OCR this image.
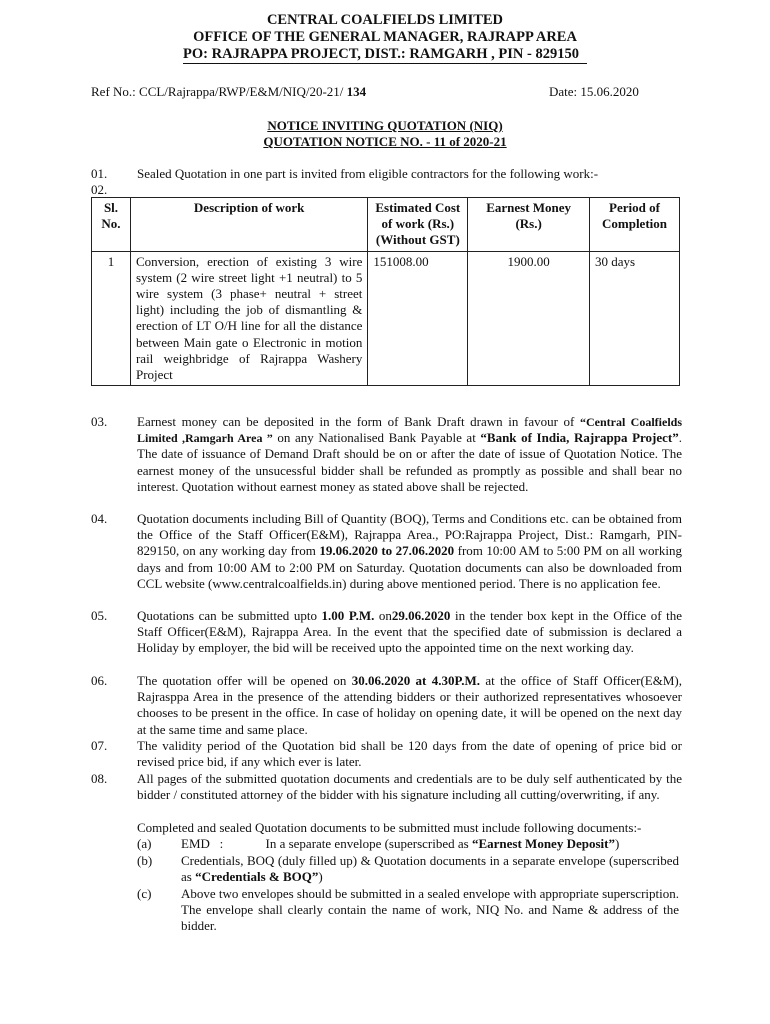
CENTRAL COALFIELDS LIMITED
OFFICE OF THE GENERAL MANAGER, RAJRAPP AREA
PO: RAJRAPPA PROJECT, DIST.: RAMGARH , PIN - 829150
Ref No.: CCL/Rajrappa/RWP/E&M/NIQ/20-21/ 134	Date: 15.06.2020
NOTICE INVITING QUOTATION (NIQ)
QUOTATION NOTICE NO. - 11 of 2020-21
01. Sealed Quotation in one part is invited from eligible contractors for the following work:-
02.
Sl. No.	Description of work	Estimated Cost of work (Rs.) (Without GST)	Earnest Money (Rs.)	Period of Completion
1	Conversion, erection of existing 3 wire system (2 wire street light +1 neutral) to 5 wire system (3 phase+ neutral + street light) including the job of dismantling & erection of LT O/H line for all the distance between Main gate o Electronic in motion rail weighbridge of Rajrappa Washery Project	151008.00	1900.00	30 days
03. Earnest money can be deposited in the form of Bank Draft drawn in favour of “Central Coalfields Limited ,Ramgarh Area ” on any Nationalised Bank Payable at “Bank of India, Rajrappa Project”. The date of issuance of Demand Draft should be on or after the date of issue of Quotation Notice. The earnest money of the unsucessful bidder shall be refunded as promptly as possible and shall bear no interest. Quotation without earnest money as stated above shall be rejected.
04. Quotation documents including Bill of Quantity (BOQ), Terms and Conditions etc. can be obtained from the Office of the Staff Officer(E&M), Rajrappa Area., PO:Rajrappa Project, Dist.: Ramgarh, PIN-829150, on any working day from 19.06.2020 to 27.06.2020 from 10:00 AM to 5:00 PM on all working days and from 10:00 AM to 2:00 PM on Saturday. Quotation documents can also be downloaded from CCL website (www.centralcoalfields.in) during above mentioned period. There is no application fee.
05. Quotations can be submitted upto 1.00 P.M. on29.06.2020 in the tender box kept in the Office of the Staff Officer(E&M), Rajrappa Area. In the event that the specified date of submission is declared a Holiday by employer, the bid will be received upto the appointed time on the next working day.
06. The quotation offer will be opened on 30.06.2020 at 4.30P.M. at the office of Staff Officer(E&M), Rajrasppa Area in the presence of the attending bidders or their authorized representatives whosoever chooses to be present in the office. In case of holiday on opening date, it will be opened on the next day at the same time and same place.
07. The validity period of the Quotation bid shall be 120 days from the date of opening of price bid or revised price bid, if any which ever is later.
08. All pages of the submitted quotation documents and credentials are to be duly self authenticated by the bidder / constituted attorney of the bidder with his signature including all cutting/overwriting, if any.
Completed and sealed Quotation documents to be submitted must include following documents:-
(a) EMD   :             In a separate envelope (superscribed as “Earnest Money Deposit”)
(b) Credentials, BOQ (duly filled up) & Quotation documents in a separate envelope (superscribed as “Credentials & BOQ”)
(c) Above two envelopes should be submitted in a sealed envelope with appropriate superscription. The envelope shall clearly contain the name of work, NIQ No. and Name & address of the bidder.
